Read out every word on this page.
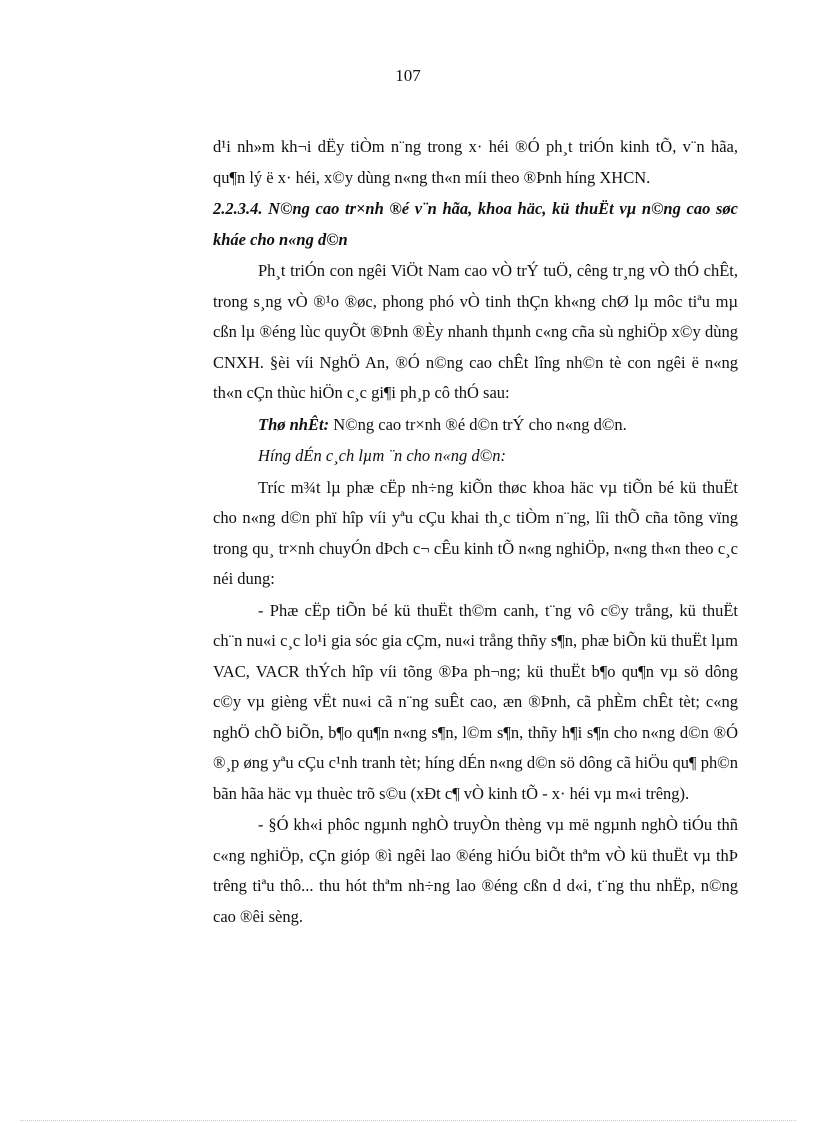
107

d¹i nh»m kh¬i dËy tiÒm n¨ng trong x· héi ®Ó ph¸t triÓn kinh tÕ, v¨n hãa, qu¶n lý ë x· héi, x©y dùng n«ng th«n míi theo ®Þnh híng XHCN.

2.2.3.4. N©ng cao tr×nh ®é v¨n hãa, khoa häc, kü thuËt vµ n©ng cao søc kháe cho n«ng d©n

Ph¸t triÓn con ngêi ViÖt Nam cao vÒ trÝ tuÖ, cêng tr¸ng vÒ thÓ chÊt, trong s¸ng vÒ ®¹o ®øc, phong phó vÒ tinh thÇn kh«ng chØ lµ môc tiªu mµ cßn lµ ®éng lùc quyÕt ®Þnh ®Èy nhanh thµnh c«ng cña sù nghiÖp x©y dùng CNXH. §èi víi NghÖ An, ®Ó n©ng cao chÊt lîng nh©n tè con ngêi ë n«ng th«n cÇn thùc hiÖn c¸c gi¶i ph¸p cô thÓ sau:

Thø nhÊt: N©ng cao tr×nh ®é d©n trÝ cho n«ng d©n.

Híng dÉn c¸ch lµm ¨n cho n«ng d©n:

Tríc m¾t lµ phæ cËp nh÷ng kiÕn thøc khoa häc vµ tiÕn bé kü thuËt cho n«ng d©n phï hîp víi yªu cÇu khai th¸c tiÒm n¨ng, lîi thÕ cña tõng vïng trong qu¸ tr×nh chuyÓn dÞch c¬ cÊu kinh tÕ n«ng nghiÖp, n«ng th«n theo c¸c néi dung:

- Phæ cËp tiÕn bé kü thuËt th©m canh, t¨ng vô c©y trång, kü thuËt ch¨n nu«i c¸c lo¹i gia sóc gia cÇm, nu«i trång thñy s¶n, phæ biÕn kü thuËt lµm VAC, VACR thÝch hîp víi tõng ®Þa ph¬ng; kü thuËt b¶o qu¶n vµ sö dông c©y vµ gièng vËt nu«i cã n¨ng suÊt cao, æn ®Þnh, cã phÈm chÊt tèt; c«ng nghÖ chÕ biÕn, b¶o qu¶n n«ng s¶n, l©m s¶n, thñy h¶i s¶n cho n«ng d©n ®Ó ®¸p øng yªu cÇu c¹nh tranh tèt; híng dÉn n«ng d©n sö dông cã hiÖu qu¶ ph©n bãn hãa häc vµ thuèc trõ s©u (xÐt c¶ vÒ kinh tÕ - x· héi vµ m«i trêng).

- §Ó kh«i phôc ngµnh nghÒ truyÒn thèng vµ më ngµnh nghÒ tiÓu thñ c«ng nghiÖp, cÇn gióp ®ì ngêi lao ®éng hiÓu biÕt thªm vÒ kü thuËt vµ thÞ trêng tiªu thô... thu hót thªm nh÷ng lao ®éng cßn d d«i, t¨ng thu nhËp, n©ng cao ®êi sèng.
